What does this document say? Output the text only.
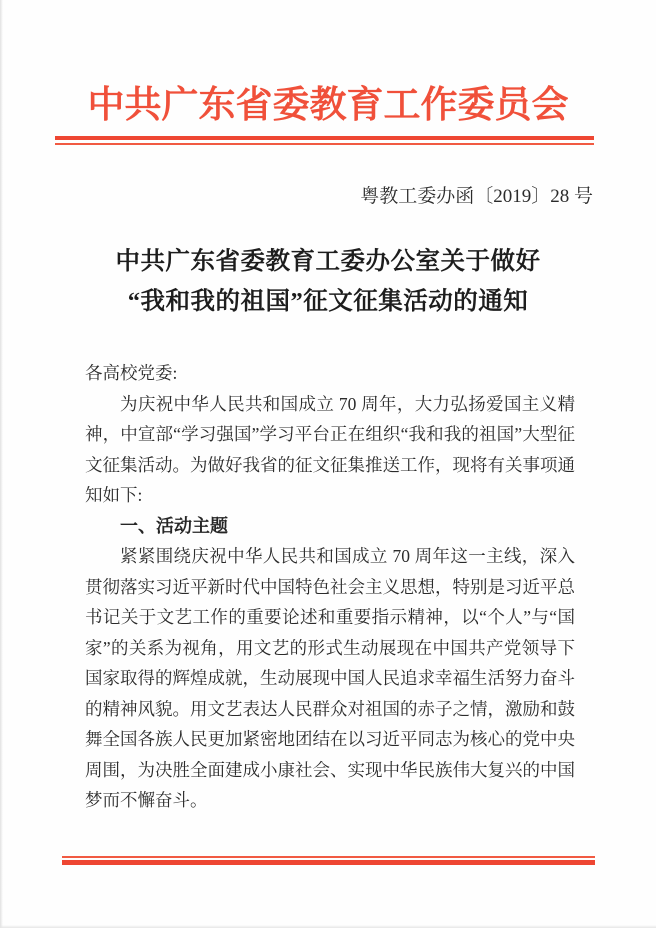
中共广东省委教育工作委员会
粤教工委办函〔2019〕28 号
中共广东省委教育工委办公室关于做好
“我和我的祖国”征文征集活动的通知

各高校党委:

为庆祝中华人民共和国成立 70 周年，大力弘扬爱国主义精神，中宣部“学习强国”学习平台正在组织“我和我的祖国”大型征文征集活动。为做好我省的征文征集推送工作，现将有关事项通知如下:

一、活动主题

紧紧围绕庆祝中华人民共和国成立 70 周年这一主线，深入贯彻落实习近平新时代中国特色社会主义思想，特别是习近平总书记关于文艺工作的重要论述和重要指示精神，以“个人”与“国家”的关系为视角，用文艺的形式生动展现在中国共产党领导下国家取得的辉煌成就，生动展现中国人民追求幸福生活努力奋斗的精神风貌。用文艺表达人民群众对祖国的赤子之情，激励和鼓舞全国各族人民更加紧密地团结在以习近平同志为核心的党中央周围，为决胜全面建成小康社会、实现中华民族伟大复兴的中国梦而不懈奋斗。
